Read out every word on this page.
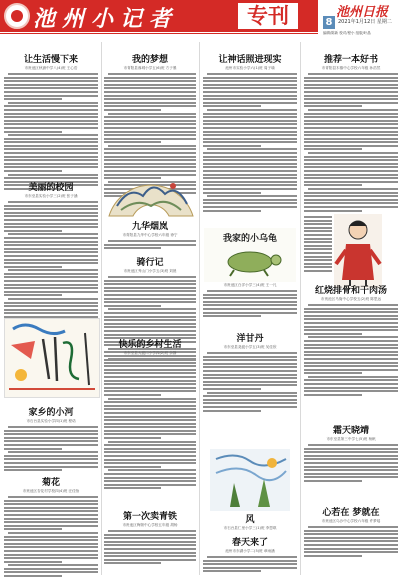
池州小记者	专刊	池州日报
8	2021年1月12日 星期二
编辑/陈新 校对/程小 组版/叶晶
让生活慢下来
市贵池区秋浦中学八(4)班 王心语
美丽的校园
市东至县实验小学三(2)班 张子涵
家乡的小河
市石台县实验小学四(1)班 程诺
菊花
市贵池区杏花村学校四(4)班 汪佳怡
我的梦想
市青阳县蓉城小学五(6)班 方子墨
九华烟岚
市青阳县九华中心学校六年级 徐宁
骑行记
市贵池区秀山门小学五(3)班 刘晨
快乐的乡村生活
市东至县大渡口小学四(2)班 余静
第一次卖青铁
市贵池区梅街中心学校五年级 胡杨
让神话照进现实
池州市实验小学六(1)班 周子瑜
我家的小乌龟
市贵池区白洋小学三(4)班 王一凡
洋甘丹
市东至县尧渡小学五(3)班 吴佳欣
风
市石台县仁里小学三(1)班 李思琪
春天来了
池州市东湖小学二(5)班 章雨涵
推荐一本好书
市青阳县木镇中心学校六年级 孙浩然
红烧排骨和干肉汤
市贵池区马衙中心学校五(2)班 陈思远
霜天晓靖
市东至县第三中学七(5)班 杨帆
心若在 梦就在
市贵池区乌沙中心学校六年级 许梦瑶
